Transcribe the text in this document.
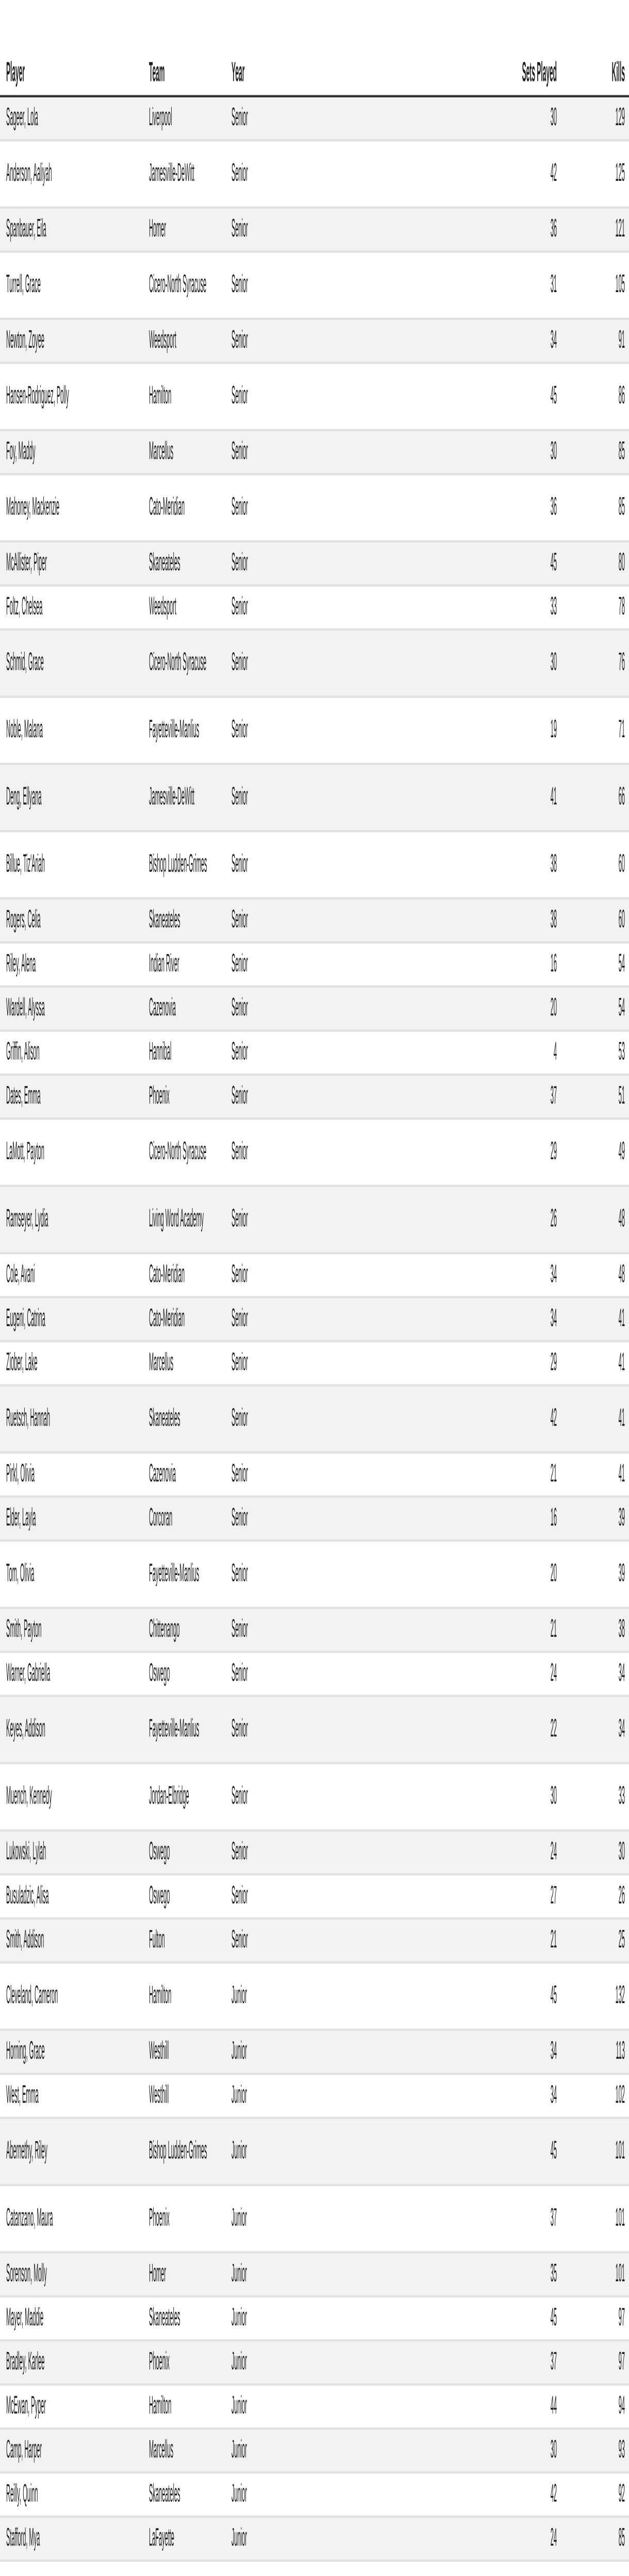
Player	Team	Year	Sets Played	Kills
Sageer, Lola	Liverpool	Senior	30	129
Anderson, Aaliyah	Jamesville-DeWitt	Senior	42	125
Spanbauer, Eila	Homer	Senior	36	121
Turrell, Grace	Cicero-North Syracuse	Senior	31	105
Newton, Zoyee	Weedsport	Senior	34	91
Hansen-Rodriguez, Polly	Hamilton	Senior	45	86
Foy, Maddy	Marcellus	Senior	30	85
Mahoney, Mackenzie	Cato-Meridian	Senior	36	85
McAllister, Piper	Skaneateles	Senior	45	80
Foltz, Chelsea	Weedsport	Senior	33	78
Schmid, Grace	Cicero-North Syracuse	Senior	30	76
Noble, Malana	Fayetteville-Manlius	Senior	19	71
Deng, Ellyana	Jamesville-DeWitt	Senior	41	66
Billue, Tiz'Ariah	Bishop Ludden-Grimes	Senior	38	60
Rogers, Celia	Skaneateles	Senior	38	60
Riley, Alena	Indian River	Senior	16	54
Wardell, Alyssa	Cazenovia	Senior	20	54
Griffin, Alison	Hannibal	Senior	4	53
Dates, Emma	Phoenix	Senior	37	51
LaMott, Payton	Cicero-North Syracuse	Senior	29	49
Ramseyer, Lydia	Living Word Academy	Senior	26	48
Cole, Avani	Cato-Meridian	Senior	34	48
Eugeni, Catrina	Cato-Meridian	Senior	34	41
Ziober, Lake	Marcellus	Senior	29	41
Ruetsch, Hannah	Skaneateles	Senior	42	41
Pirkl, Olivia	Cazenovia	Senior	21	41
Elder, Layla	Corcoran	Senior	16	39
Tom, Olivia	Fayetteville-Manlius	Senior	20	39
Smith, Payton	Chittenango	Senior	21	38
Warner, Gabriella	Oswego	Senior	24	34
Keyes, Addison	Fayetteville-Manlius	Senior	22	34
Muench, Kennedy	Jordan-Elbridge	Senior	30	33
Lukowski, Lylah	Oswego	Senior	24	30
Busuladzic, Alisa	Oswego	Senior	27	26
Smith, Addison	Fulton	Senior	21	25
Cleveland, Cameron	Hamilton	Junior	45	132
Horning, Grace	Westhill	Junior	34	113
West, Emma	Westhill	Junior	34	102
Abernethy, Riley	Bishop Ludden-Grimes	Junior	45	101
Catanzano, Maura	Phoenix	Junior	37	101
Sorenson, Molly	Homer	Junior	35	101
Mayer, Maddie	Skaneateles	Junior	45	97
Bradley, Karlee	Phoenix	Junior	37	97
McEwan, Pyper	Hamilton	Junior	44	94
Camp, Harper	Marcellus	Junior	30	93
Reilly, Quinn	Skaneateles	Junior	42	92
Stafford, Mya	LaFayette	Junior	24	85
